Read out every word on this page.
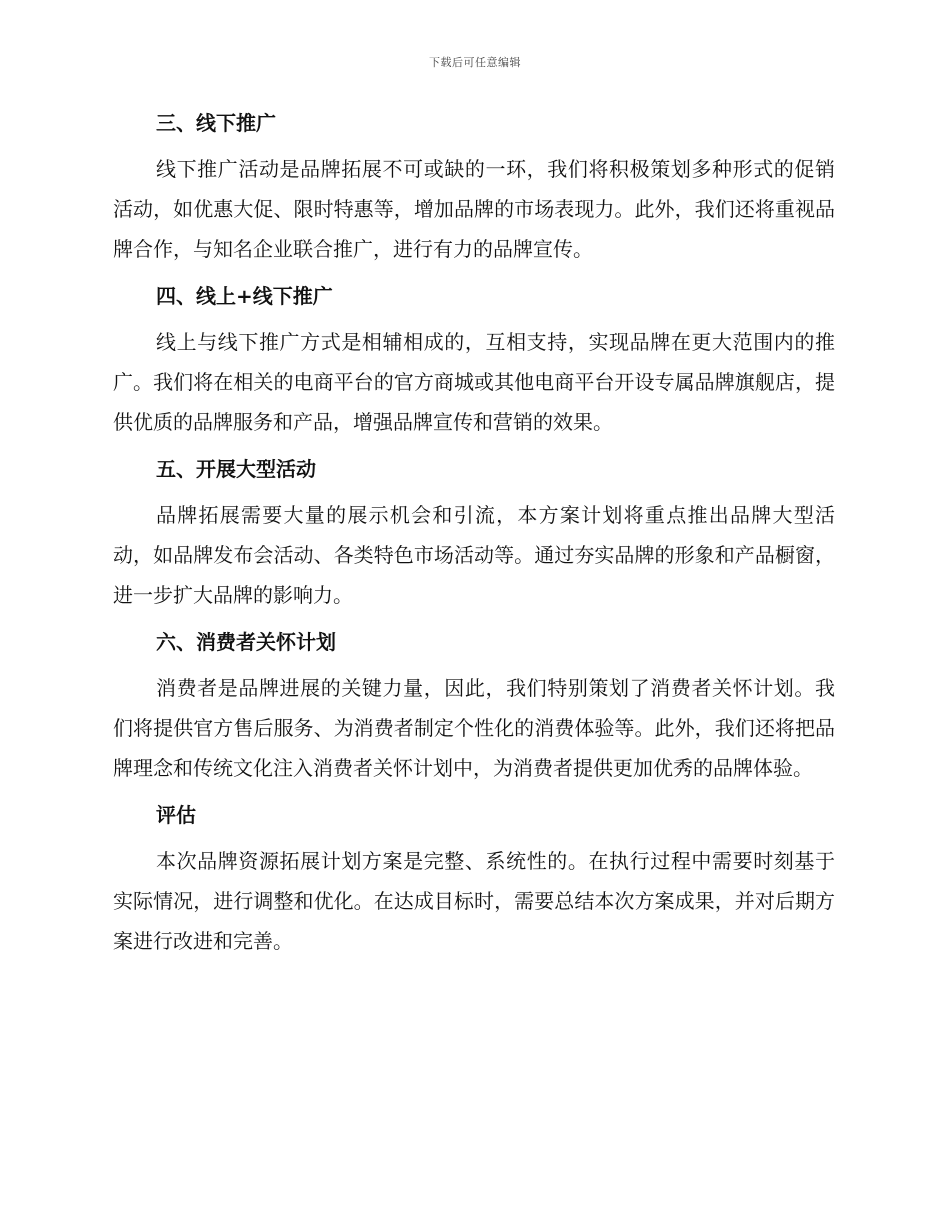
下载后可任意编辑
三、线下推广

线下推广活动是品牌拓展不可或缺的一环，我们将积极策划多种形式的促销活动，如优惠大促、限时特惠等，增加品牌的市场表现力。此外，我们还将重视品牌合作，与知名企业联合推广，进行有力的品牌宣传。

四、线上+线下推广

线上与线下推广方式是相辅相成的，互相支持，实现品牌在更大范围内的推广。我们将在相关的电商平台的官方商城或其他电商平台开设专属品牌旗舰店，提供优质的品牌服务和产品，增强品牌宣传和营销的效果。

五、开展大型活动

品牌拓展需要大量的展示机会和引流，本方案计划将重点推出品牌大型活动，如品牌发布会活动、各类特色市场活动等。通过夯实品牌的形象和产品橱窗，进一步扩大品牌的影响力。

六、消费者关怀计划

消费者是品牌进展的关键力量，因此，我们特别策划了消费者关怀计划。我们将提供官方售后服务、为消费者制定个性化的消费体验等。此外，我们还将把品牌理念和传统文化注入消费者关怀计划中，为消费者提供更加优秀的品牌体验。

评估

本次品牌资源拓展计划方案是完整、系统性的。在执行过程中需要时刻基于实际情况，进行调整和优化。在达成目标时，需要总结本次方案成果，并对后期方案进行改进和完善。
